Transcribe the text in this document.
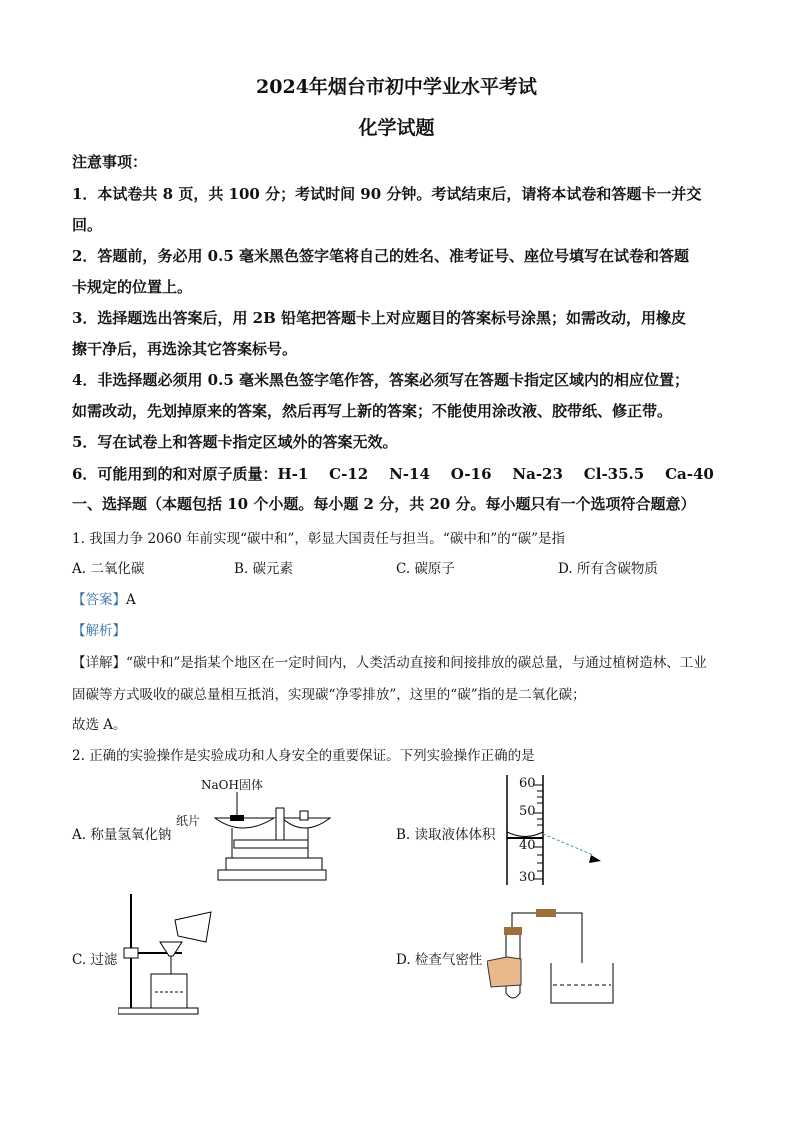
2024年烟台市初中学业水平考试
化学试题
注意事项：
1．本试卷共 8 页，共 100 分；考试时间 90 分钟。考试结束后，请将本试卷和答题卡一并交
回。
2．答题前，务必用 0.5 毫米黑色签字笔将自己的姓名、准考证号、座位号填写在试卷和答题
卡规定的位置上。
3．选择题选出答案后，用 2B 铅笔把答题卡上对应题目的答案标号涂黑；如需改动，用橡皮
擦干净后，再选涂其它答案标号。
4．非选择题必须用 0.5 毫米黑色签字笔作答，答案必须写在答题卡指定区域内的相应位置；
如需改动，先划掉原来的答案，然后再写上新的答案；不能使用涂改液、胶带纸、修正带。
5．写在试卷上和答题卡指定区域外的答案无效。
6．可能用到的和对原子质量：H-1    C-12    N-14    O-16    Na-23    Cl-35.5    Ca-40
一、选择题（本题包括 10 个小题。每小题 2 分，共 20 分。每小题只有一个选项符合题意）
1. 我国力争 2060 年前实现“碳中和”，彰显大国责任与担当。“碳中和”的“碳”是指
A. 二氧化碳	B. 碳元素	C. 碳原子	D. 所有含碳物质
【答案】A
【解析】
【详解】“碳中和”是指某个地区在一定时间内，人类活动直接和间接排放的碳总量，与通过植树造林、工业
固碳等方式吸收的碳总量相互抵消，实现碳“净零排放”，这里的“碳”指的是二氧化碳；
故选 A。
2. 正确的实验操作是实验成功和人身安全的重要保证。下列实验操作正确的是
A. 称量氢氧化钠
NaOH固体
纸片
B. 读取液体体积
60
50
40
30
C. 过滤	D. 检查气密性
